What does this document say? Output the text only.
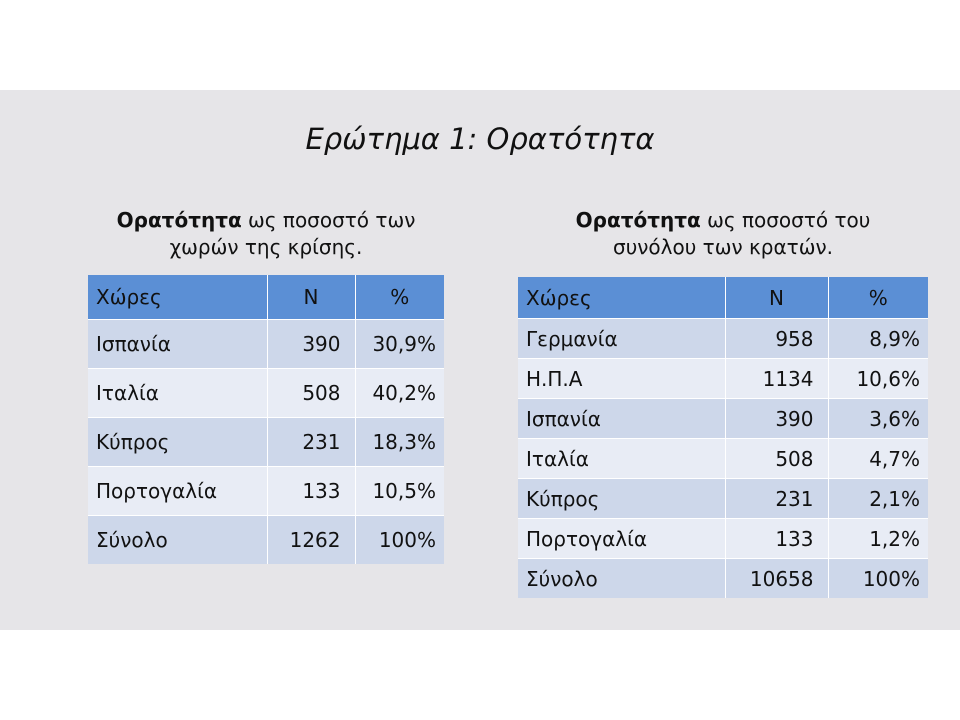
Ερώτημα 1: Ορατότητα
Ορατότητα ως ποσοστό των
χωρών της κρίσης.
Χώρες	Ν	%
Ισπανία	390	30,9%
Ιταλία	508	40,2%
Κύπρος	231	18,3%
Πορτογαλία	133	10,5%
Σύνολο	1262	100%
Ορατότητα ως ποσοστό του
συνόλου των κρατών.
Χώρες	Ν	%
Γερμανία	958	8,9%
Η.Π.Α	1134	10,6%
Ισπανία	390	3,6%
Ιταλία	508	4,7%
Κύπρος	231	2,1%
Πορτογαλία	133	1,2%
Σύνολο	10658	100%
